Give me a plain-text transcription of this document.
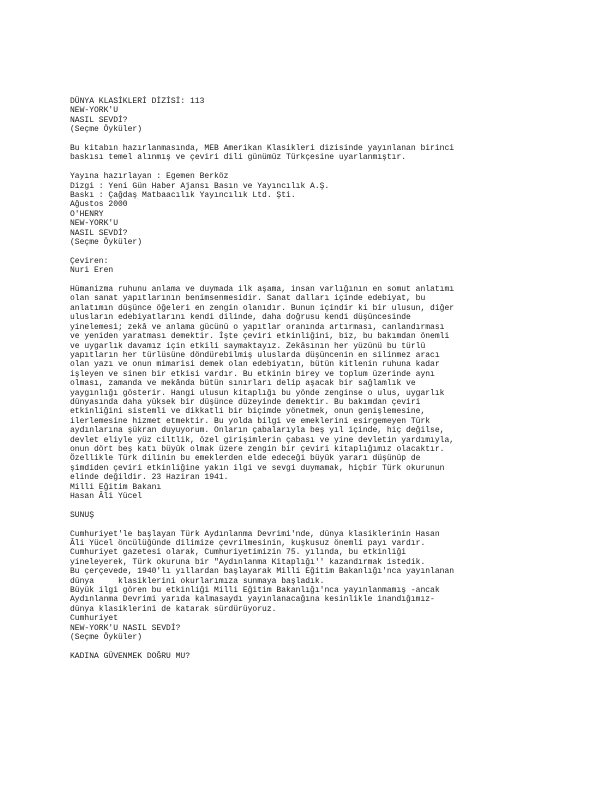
DÜNYA KLASİKLERİ DİZİSİ: 113
NEW-YORK'U
NASIL SEVDİ?
(Seçme Öyküler)
Bu kitabın hazırlanmasında, MEB Amerikan Klasikleri dizisinde yayınlanan birinci
baskısı temel alınmış ve çeviri dili günümüz Türkçesine uyarlanmıştır.
Yayına hazırlayan : Egemen Berköz
Dizgi : Yeni Gün Haber Ajansı Basın ve Yayıncılık A.Ş.
Baskı : Çağdaş Matbaacılık Yayıncılık Ltd. Şti.
Ağustos 2000
O'HENRY
NEW-YORK'U
NASIL SEVDİ?
(Seçme Öyküler)
Çeviren:
Nuri Eren
Hümanizma ruhunu anlama ve duymada ilk aşama, insan varlığının en somut anlatımı
olan sanat yapıtlarının benimsenmesidir. Sanat dalları içinde edebiyat, bu
anlatımın düşünce öğeleri en zengin olanıdır. Bunun içindir ki bir ulusun, diğer
ulusların edebiyatlarını kendi dilinde, daha doğrusu kendi düşüncesinde
yinelemesi; zekâ ve anlama gücünü o yapıtlar oranında artırması, canlandırması
ve yeniden yaratması demektir. İşte çeviri etkinliğini, biz, bu bakımdan önemli
ve uygarlık davamız için etkili saymaktayız. Zekâsının her yüzünü bu türlü
yapıtların her türlüsüne döndürebilmiş uluslarda düşüncenin en silinmez aracı
olan yazı ve onun mimarisi demek olan edebiyatın, bütün kitlenin ruhuna kadar
işleyen ve sinen bir etkisi vardır. Bu etkinin birey ve toplum üzerinde aynı
olması, zamanda ve mekânda bütün sınırları delip aşacak bir sağlamlık ve
yaygınlığı gösterir. Hangi ulusun kitaplığı bu yönde zenginse o ulus, uygarlık
dünyasında daha yüksek bir düşünce düzeyinde demektir. Bu bakımdan çeviri
etkinliğini sistemli ve dikkatli bir biçimde yönetmek, onun genişlemesine,
ilerlemesine hizmet etmektir. Bu yolda bilgi ve emeklerini esirgemeyen Türk
aydınlarına şükran duyuyorum. Onların çabalarıyla beş yıl içinde, hiç değilse,
devlet eliyle yüz ciltlik, özel girişimlerin çabası ve yine devletin yardımıyla,
onun dört beş katı büyük olmak üzere zengin bir çeviri kitaplığımız olacaktır.
Özellikle Türk dilinin bu emeklerden elde edeceği büyük yararı düşünüp de
şimdiden çeviri etkinliğine yakın ilgi ve sevgi duymamak, hiçbir Türk okurunun
elinde değildir. 23 Haziran 1941.
Milli Eğitim Bakanı
Hasan Âli Yücel
SUNUŞ
Cumhuriyet'le başlayan Türk Aydınlanma Devrimi'nde, dünya klasiklerinin Hasan
Âli Yücel öncülüğünde dilimize çevrilmesinin, kuşkusuz önemli payı vardır.
Cumhuriyet gazetesi olarak, Cumhuriyetimizin 75. yılında, bu etkinliği
yineleyerek, Türk okuruna bir "Aydınlanma Kitaplığı'' kazandırmak istedik.
Bu çerçevede, 1940'lı yıllardan başlayarak Milli Eğitim Bakanlığı'nca yayınlanan
dünya     klasiklerini okurlarımıza sunmaya başladık.
Büyük ilgi gören bu etkinliği Milli Eğitim Bakanlığı'nca yayınlanmamış -ancak
Aydınlanma Devrimi yarıda kalmasaydı yayınlanacağına kesinlikle inandığımız-
dünya klasiklerini de katarak sürdürüyoruz.
Cumhuriyet
NEW-YORK'U NASIL SEVDİ?
(Seçme Öyküler)
KADINA GÜVENMEK DOĞRU MU?
